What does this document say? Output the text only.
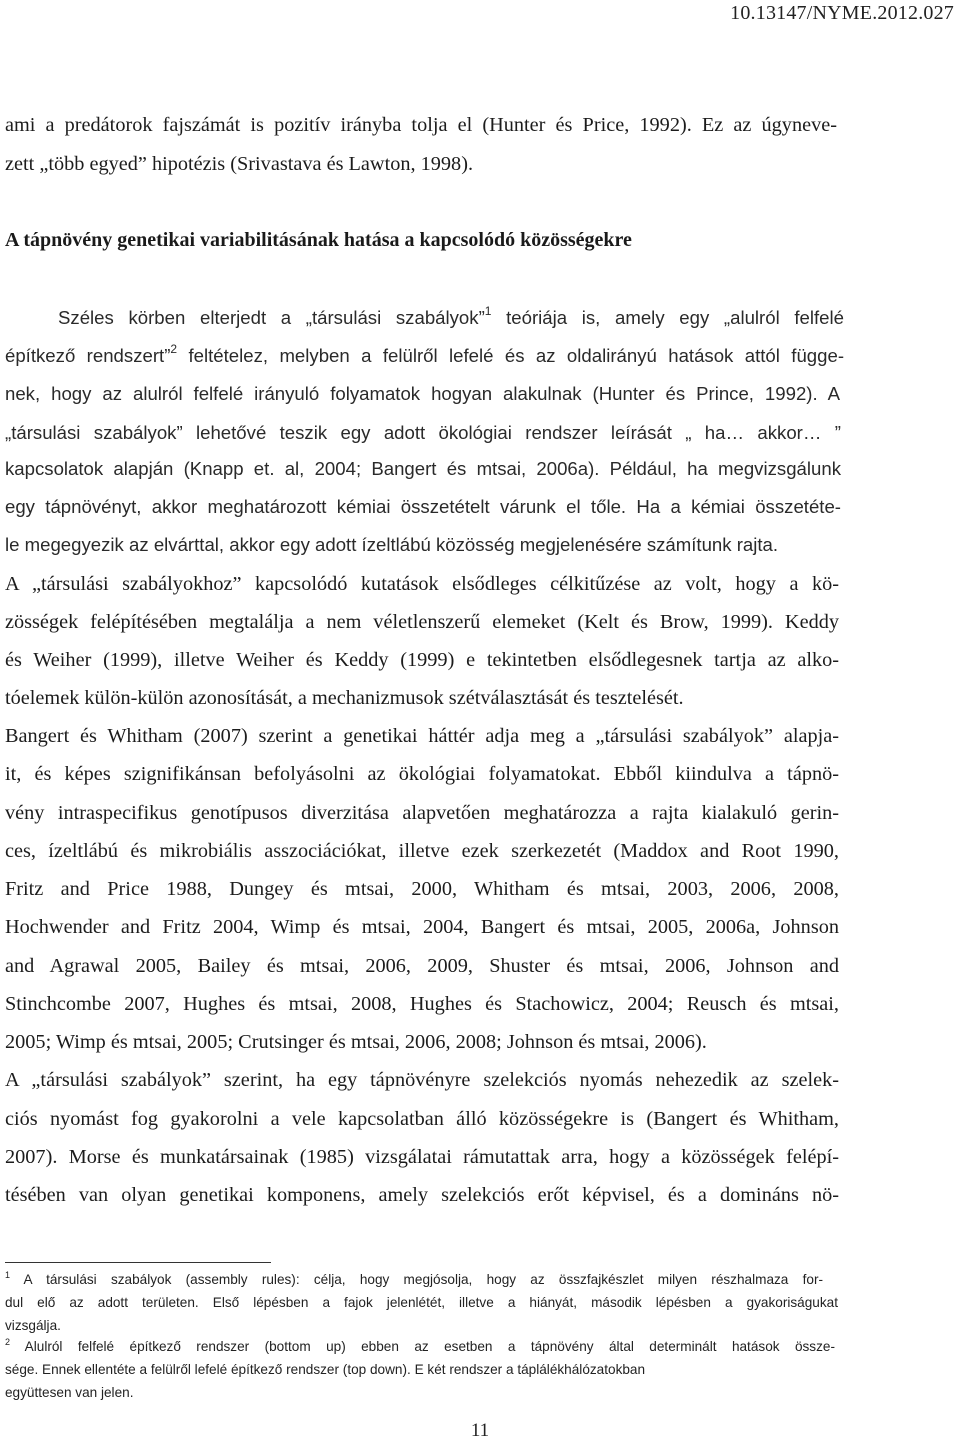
10.13147/NYME.2012.027
ami a predátorok fajszámát is pozitív irányba tolja el (Hunter és Price, 1992). Ez az úgyneve-
zett „több egyed” hipotézis (Srivastava és Lawton, 1998).
A tápnövény genetikai variabilitásának hatása a kapcsolódó közösségekre
Széles körben elterjedt a „társulási szabályok”$^1$ teóriája is, amely egy „alulról felfelé
építkező rendszert”$^2$ feltételez, melyben a felülről lefelé és az oldalirányú hatások attól függe-
nek, hogy az alulról felfelé irányuló folyamatok hogyan alakulnak (Hunter és Prince, 1992). A
„társulási szabályok” lehetővé teszik egy adott ökológiai rendszer leírását „ ha… akkor… ”
kapcsolatok alapján (Knapp et. al, 2004; Bangert és mtsai, 2006a). Például, ha megvizsgálunk
egy tápnövényt, akkor meghatározott kémiai összetételt várunk el tőle. Ha a kémiai összetéte-
le megegyezik az elvárttal, akkor egy adott ízeltlábú közösség megjelenésére számítunk rajta.
A „társulási szabályokhoz” kapcsolódó kutatások elsődleges célkitűzése az volt, hogy a kö-
zösségek felépítésében megtalálja a nem véletlenszerű elemeket (Kelt és Brow, 1999). Keddy
és Weiher (1999), illetve Weiher és Keddy (1999) e tekintetben elsődlegesnek tartja az alko-
tóelemek külön-külön azonosítását, a mechanizmusok szétválasztását és tesztelését.
Bangert és Whitham (2007) szerint a genetikai háttér adja meg a „társulási szabályok” alapja-
it, és képes szignifikánsan befolyásolni az ökológiai folyamatokat. Ebből kiindulva a tápnö-
vény intraspecifikus genotípusos diverzitása alapvetően meghatározza a rajta kialakuló gerin-
ces, ízeltlábú és mikrobiális asszociációkat, illetve ezek szerkezetét (Maddox and Root 1990,
Fritz and Price 1988, Dungey és mtsai, 2000, Whitham és mtsai, 2003, 2006, 2008,
Hochwender and Fritz 2004, Wimp és mtsai, 2004, Bangert és mtsai, 2005, 2006a, Johnson
and Agrawal 2005, Bailey és mtsai, 2006, 2009, Shuster és mtsai, 2006, Johnson and
Stinchcombe 2007, Hughes és mtsai, 2008, Hughes és Stachowicz, 2004; Reusch és mtsai,
2005; Wimp és mtsai, 2005; Crutsinger és mtsai, 2006, 2008; Johnson és mtsai, 2006).
A „társulási szabályok” szerint, ha egy tápnövényre szelekciós nyomás nehezedik az szelek-
ciós nyomást fog gyakorolni a vele kapcsolatban álló közösségekre is (Bangert és Whitham,
2007). Morse és munkatársainak (1985) vizsgálatai rámutattak arra, hogy a közösségek felépí-
tésében van olyan genetikai komponens, amely szelekciós erőt képvisel, és a domináns nö-
$^1$ A társulási szabályok (assembly rules): célja, hogy megjósolja, hogy az összfajkészlet milyen részhalmaza for-
dul elő az adott területen. Első lépésben a fajok jelenlétét, illetve a hiányát, második lépésben a gyakoriságukat
vizsgálja.
$^2$ Alulról felfelé építkező rendszer (bottom up) ebben az esetben a tápnövény által determinált hatások össze-
sége. Ennek ellentéte a felülről lefelé építkező rendszer (top down). E két rendszer a táplálékhálózatokban
együttesen van jelen.
11
